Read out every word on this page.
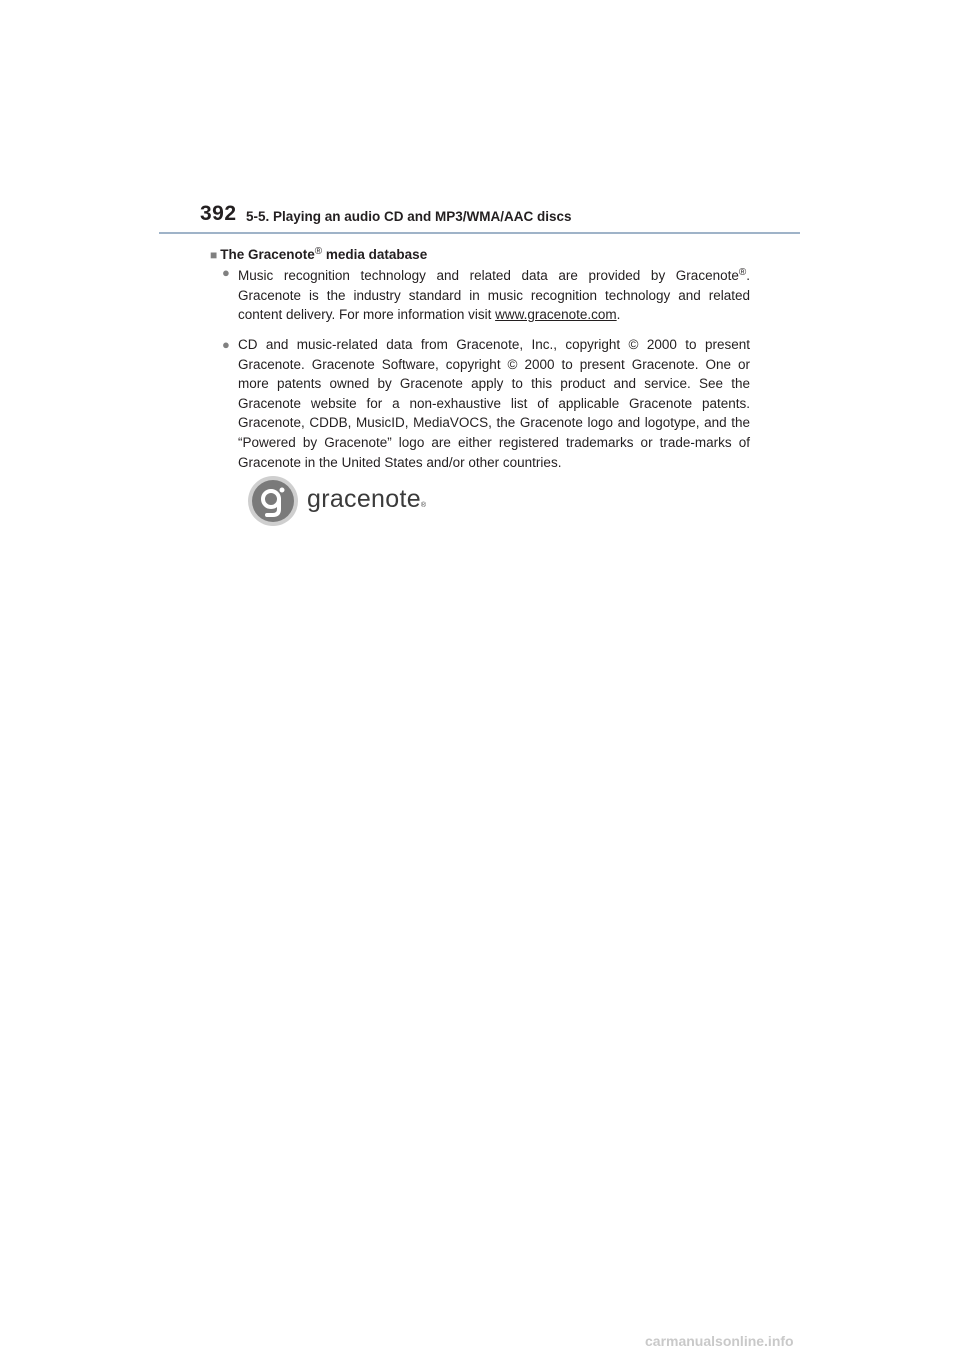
392 5-5. Playing an audio CD and MP3/WMA/AAC discs
■ The Gracenote® media database
● Music recognition technology and related data are provided by Gracenote®. Gracenote is the industry standard in music recognition technology and related content delivery. For more information visit www.gracenote.com.
● CD and music-related data from Gracenote, Inc., copyright © 2000 to present Gracenote. Gracenote Software, copyright © 2000 to present Gracenote. One or more patents owned by Gracenote apply to this product and service. See the Gracenote website for a non-exhaustive list of applicable Gracenote patents. Gracenote, CDDB, MusicID, MediaVOCS, the Gracenote logo and logotype, and the “Powered by Gracenote” logo are either registered trademarks or trade-marks of Gracenote in the United States and/or other countries.
gracenote®
carmanualsonline.info
